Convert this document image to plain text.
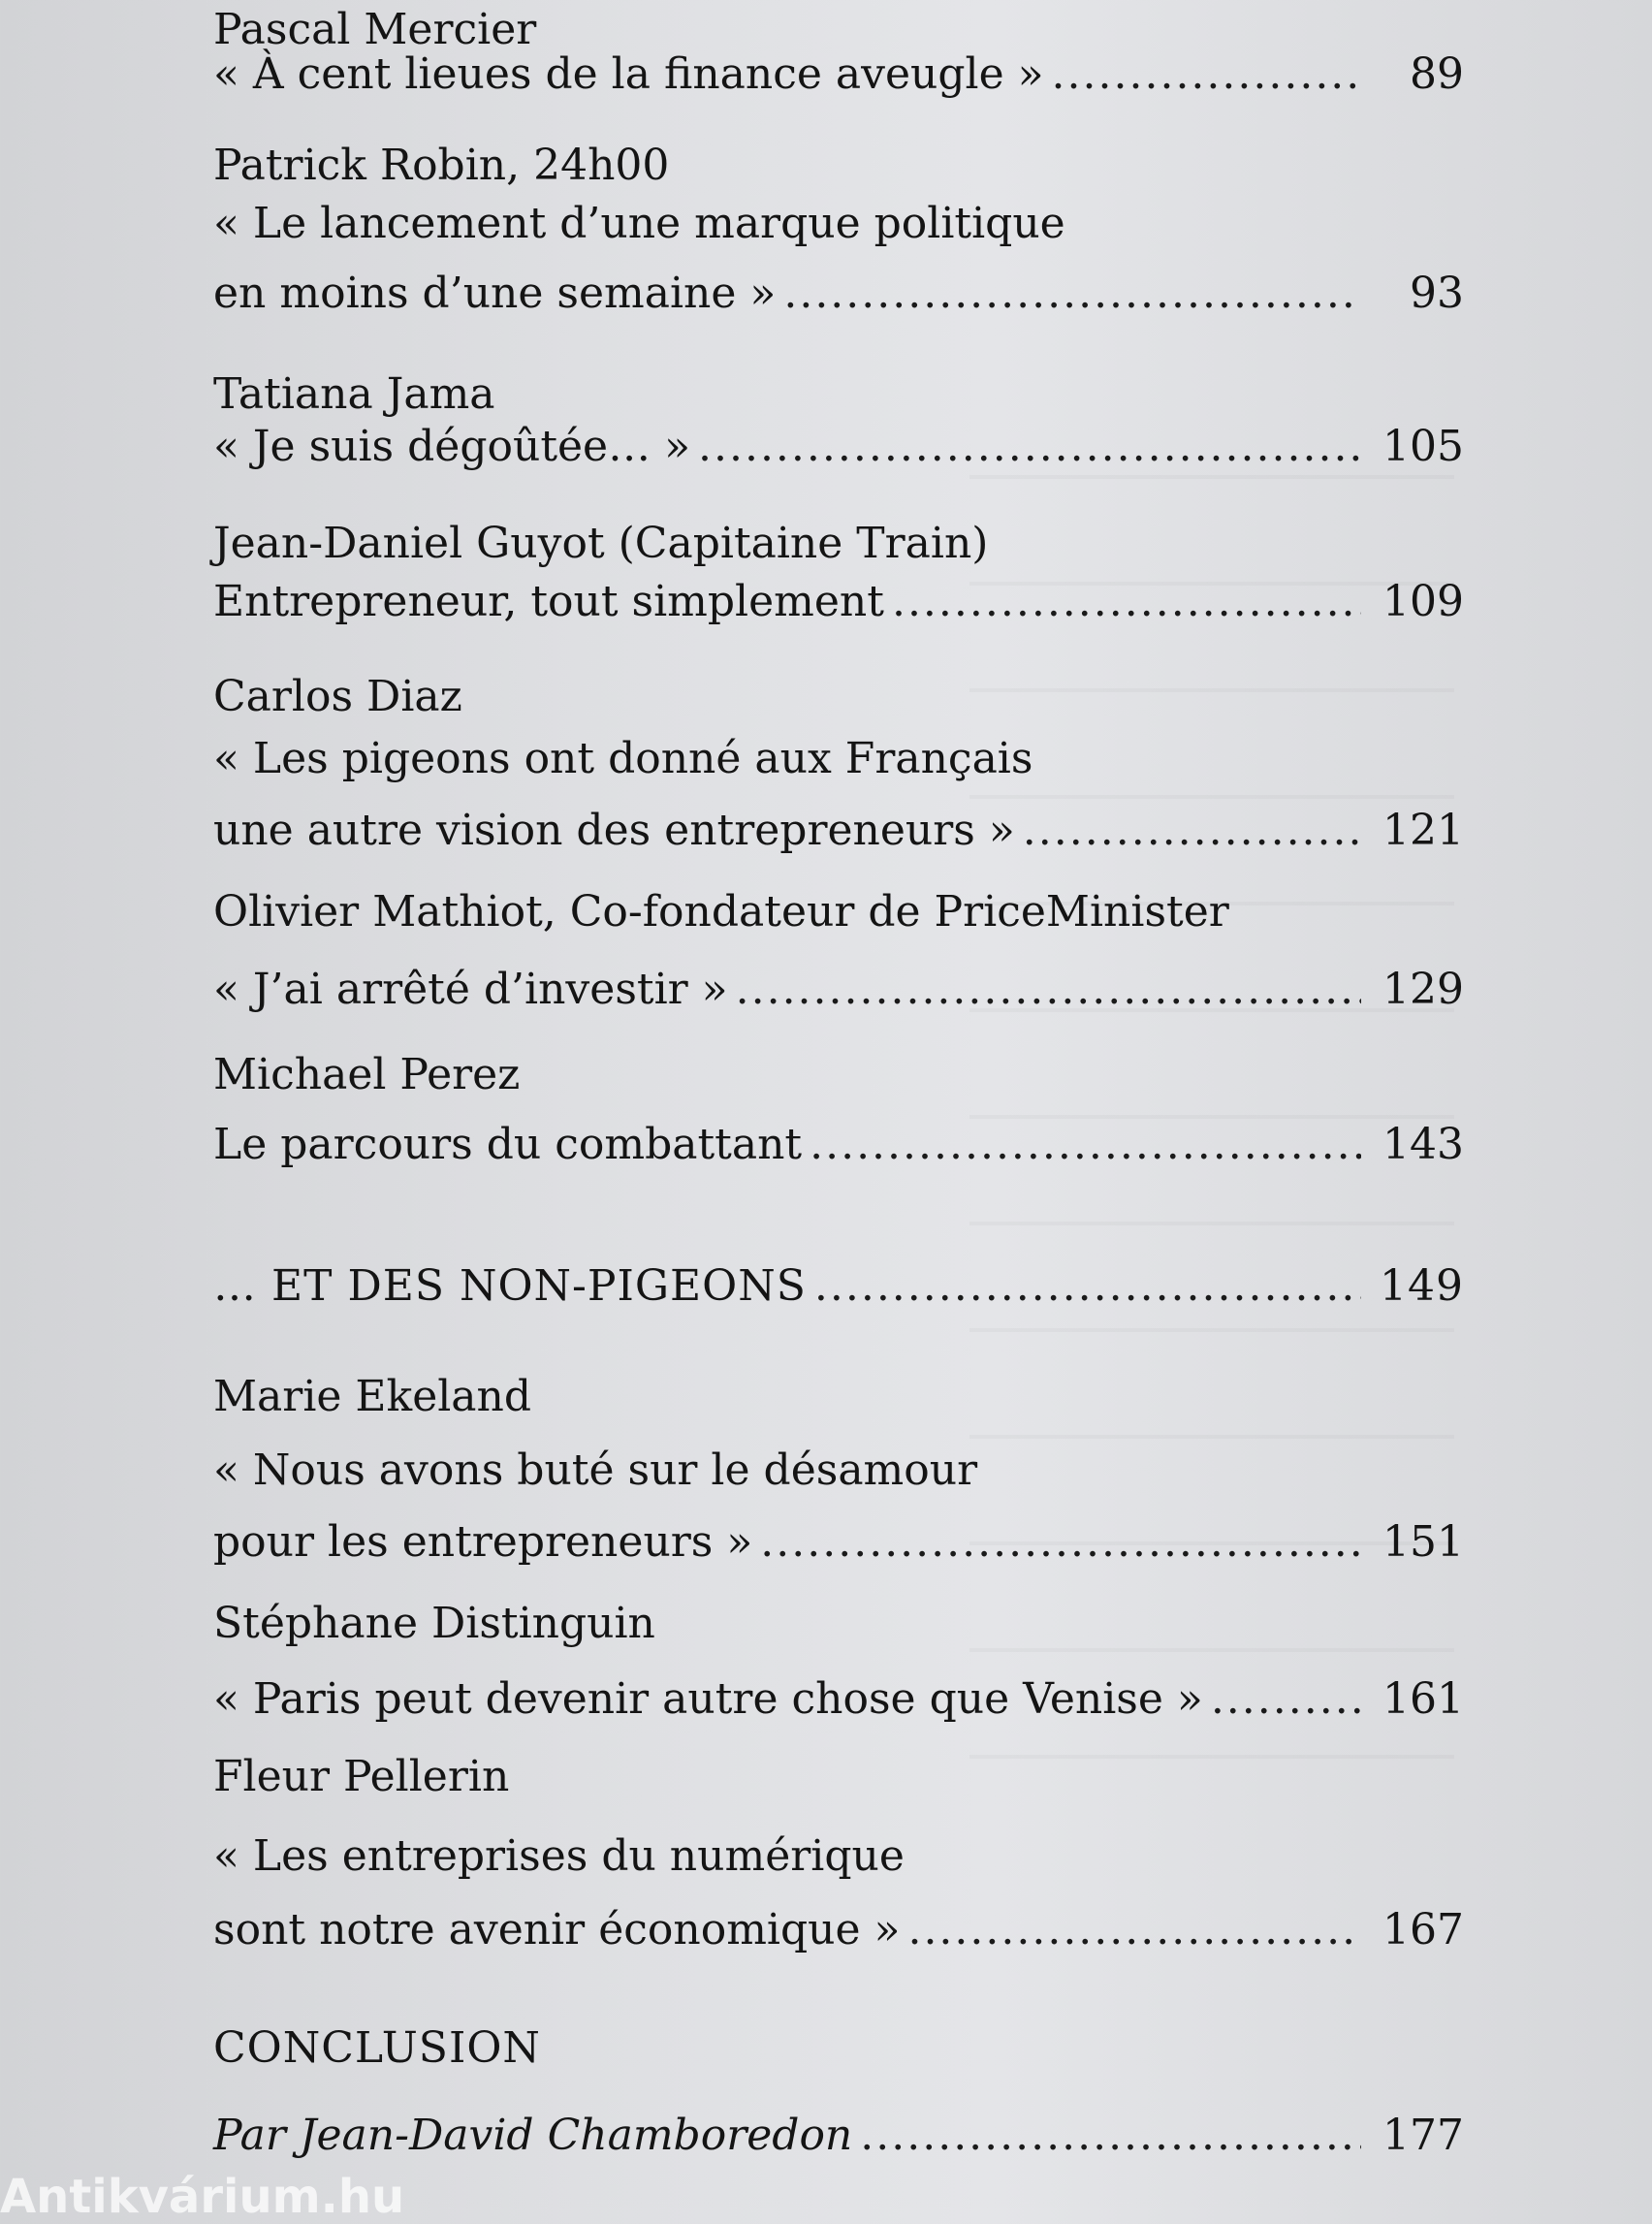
Pascal Mercier
« À cent lieues de la finance aveugle » .....	89
Patrick Robin, 24h00
« Le lancement d’une marque politique
en moins d’une semaine » .....	93
Tatiana Jama
« Je suis dégoûtée… » .....	105
Jean-Daniel Guyot (Capitaine Train)
Entrepreneur, tout simplement .....	109
Carlos Diaz
« Les pigeons ont donné aux Français
une autre vision des entrepreneurs » .....	121
Olivier Mathiot, Co-fondateur de PriceMinister
« J’ai arrêté d’investir » .....	129
Michael Perez
Le parcours du combattant .....	143
… ET DES NON-PIGEONS .....	149
Marie Ekeland
« Nous avons buté sur le désamour
pour les entrepreneurs » .....	151
Stéphane Distinguin
« Paris peut devenir autre chose que Venise » .....	161
Fleur Pellerin
« Les entreprises du numérique
sont notre avenir économique » .....	167
CONCLUSION
Par Jean-David Chamboredon .....	177
Antikvárium.hu
